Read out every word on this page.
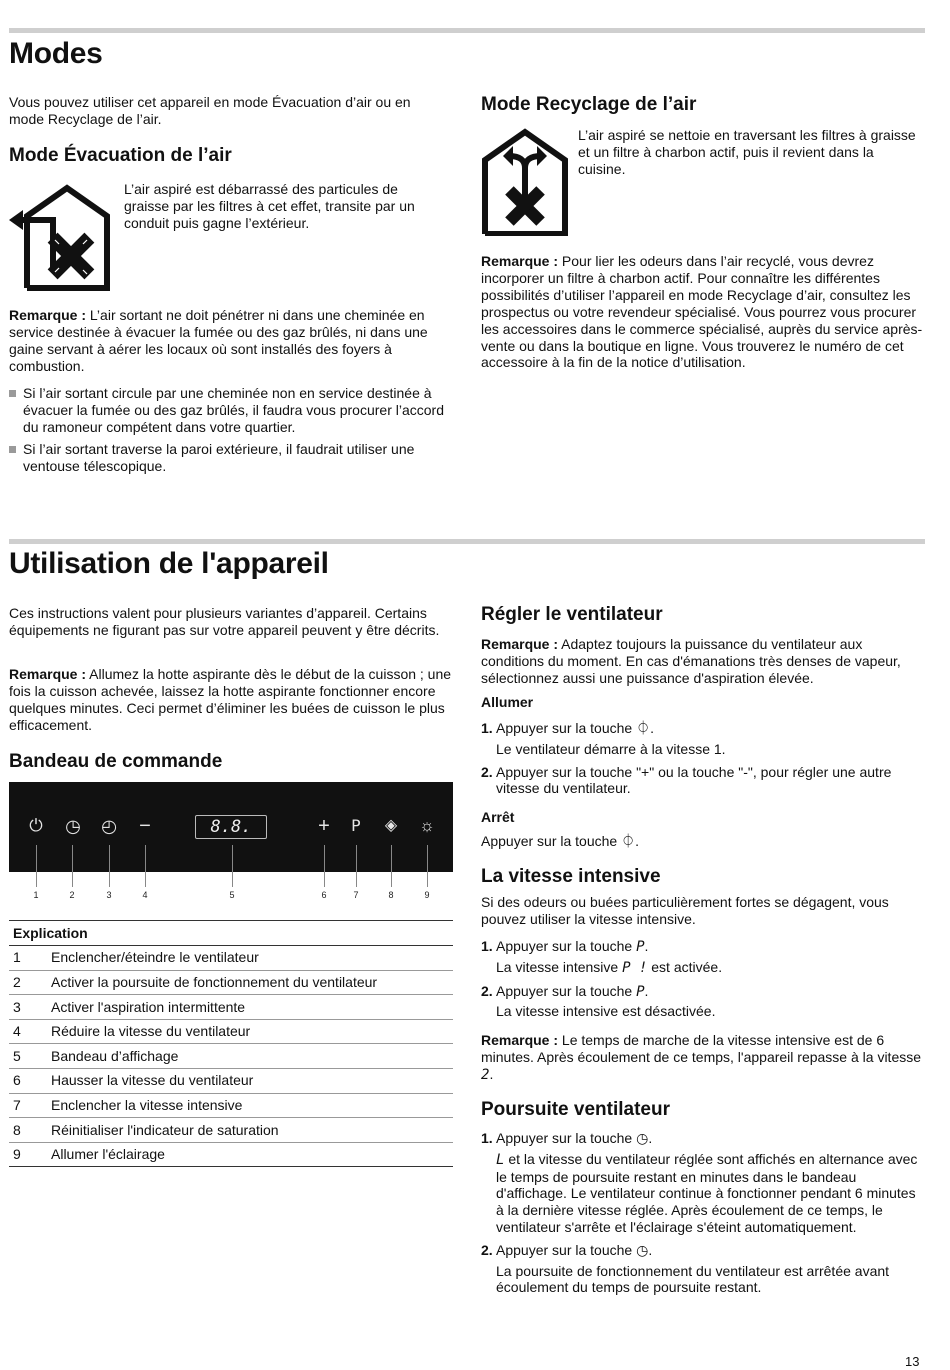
Modes
Vous pouvez utiliser cet appareil en mode Évacuation d’air ou en mode Recyclage de l’air.
Mode Évacuation de l’air
L’air aspiré est débarrassé des particules de graisse par les filtres à cet effet, transite par un conduit puis gagne l’extérieur.
Remarque : L’air sortant ne doit pénétrer ni dans une cheminée en service destinée à évacuer la fumée ou des gaz brûlés, ni dans une gaine servant à aérer les locaux où sont installés des foyers à combustion.
Si l’air sortant circule par une cheminée non en service destinée à évacuer la fumée ou des gaz brûlés, il faudra vous procurer l’accord du ramoneur compétent dans votre quartier.
Si l’air sortant traverse la paroi extérieure, il faudrait utiliser une ventouse télescopique.
Mode Recyclage de l’air
L’air aspiré se nettoie en traversant les filtres à graisse et un filtre à charbon actif, puis il revient dans la cuisine.
Remarque : Pour lier les odeurs dans l’air recyclé, vous devrez incorporer un filtre à charbon actif. Pour connaître les différentes possibilités d’utiliser l’appareil en mode Recyclage d’air, consultez les prospectus ou votre revendeur spécialisé. Vous pourrez vous procurer les accessoires dans le commerce spécialisé, auprès du service après-vente ou dans la boutique en ligne. Vous trouverez le numéro de cet accessoire à la fin de la notice d’utilisation.
Utilisation de l'appareil
Ces instructions valent pour plusieurs variantes d’appareil. Certains équipements ne figurant pas sur votre appareil peuvent y être décrits.
Remarque : Allumez la hotte aspirante dès le début de la cuisson ; une fois la cuisson achevée, laissez la hotte aspirante fonctionner encore quelques minutes. Ceci permet d’éliminer les buées de cuisson le plus efficacement.
Bandeau de commande
⏻ ◷ ◴ −	8.8.	+	P	◈ ☼
1	2	3	4	5	6	7	8	9
Explication	
1	Enclencher/éteindre le ventilateur
2	Activer la poursuite de fonctionnement du ventilateur
3	Activer l'aspiration intermittente
4	Réduire la vitesse du ventilateur
5	Bandeau d’affichage
6	Hausser la vitesse du ventilateur
7	Enclencher la vitesse intensive
8	Réinitialiser l'indicateur de saturation
9	Allumer l'éclairage
Régler le ventilateur
Remarque : Adaptez toujours la puissance du ventilateur aux conditions du moment. En cas d'émanations très denses de vapeur, sélectionnez aussi une puissance d'aspiration élevée.
Allumer
1. Appuyer sur la touche ⏀.
Le ventilateur démarre à la vitesse 1.
2. Appuyer sur la touche "+" ou la touche "-", pour régler une autre vitesse du ventilateur.
Arrêt
Appuyer sur la touche ⏀.
La vitesse intensive
Si des odeurs ou buées particulièrement fortes se dégagent, vous pouvez utiliser la vitesse intensive.
1. Appuyer sur la touche P.
La vitesse intensive P ! est activée.
2. Appuyer sur la touche P.
La vitesse intensive est désactivée.
Remarque : Le temps de marche de la vitesse intensive est de 6 minutes. Après écoulement de ce temps, l'appareil repasse à la vitesse 2.
Poursuite ventilateur
1. Appuyer sur la touche ◷.
L et la vitesse du ventilateur réglée sont affichés en alternance avec le temps de poursuite restant en minutes dans le bandeau d'affichage. Le ventilateur continue à fonctionner pendant 6 minutes à la dernière vitesse réglée. Après écoulement de ce temps, le ventilateur s'arrête et l'éclairage s'éteint automatiquement.
2. Appuyer sur la touche ◷.
La poursuite de fonctionnement du ventilateur est arrêtée avant écoulement du temps de poursuite restant.
13
